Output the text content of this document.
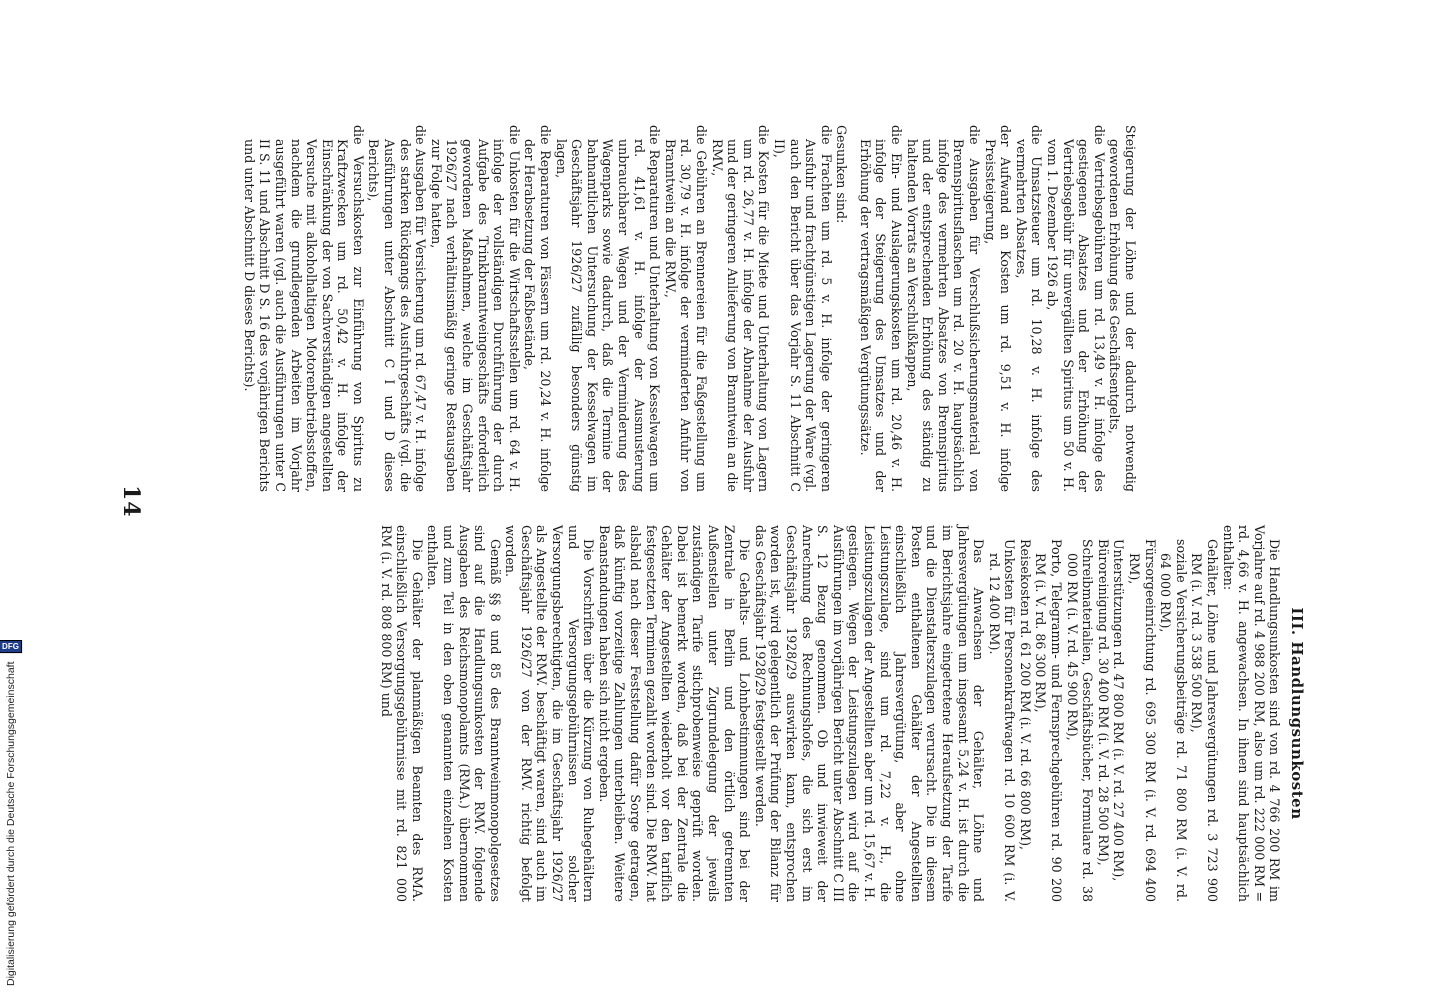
14

Steigerung der Löhne und der dadurch notwendig gewordenen Erhöhung des Geschäftsentgelts,

die Vertriebsgebühren um rd. 13,49 v. H. infolge des gestiegenen Absatzes und der Erhöhung der Vertriebsgebühr für unvergällten Spiritus um 50 v. H. vom 1. Dezember 1926 ab,

die Umsatzsteuer um rd. 10,28 v. H. infolge des vermehrten Absatzes,

der Aufwand an Kosten um rd. 9,51 v. H. infolge Preissteigerung,

die Ausgaben für Verschlußsicherungsmaterial von Brennspiritusflaschen um rd. 20 v. H. hauptsächlich infolge des vermehrten Absatzes von Brennspiritus und der entsprechenden Erhöhung des ständig zu haltenden Vorrats an Verschlußkappen,

die Ein- und Auslagerungskosten um rd. 20,46 v. H. infolge der Steigerung des Umsatzes und der Erhöhung der vertragsmäßigen Vergütungssätze.

Gesunken sind:

die Frachten um rd. 5 v. H. infolge der geringeren Ausfuhr und frachtgünstigen Lagerung der Ware (vgl. auch den Bericht über das Vorjahr S. 11 Abschnitt C II),

die Kosten für die Miete und Unterhaltung von Lagern um rd. 26,77 v. H. infolge der Abnahme der Ausfuhr und der geringeren Anlieferung von Branntwein an die RMV.,

die Gebühren an Brennereien für die Faßgestellung um rd. 30,79 v. H. infolge der verminderten Anfuhr von Branntwein an die RMV.,

die Reparaturen und Unterhaltung von Kesselwagen um rd. 41,61 v. H. infolge der Ausmusterung unbrauchbarer Wagen und der Verminderung des Wagenparks sowie dadurch, daß die Termine der bahnamtlichen Untersuchung der Kesselwagen im Geschäftsjahr 1926/27 zufällig besonders günstig lagen,

die Reparaturen von Fässern um rd. 20,24 v. H. infolge der Herabsetzung der Faßbestände,

die Unkosten für die Wirtschaftsstellen um rd. 64 v. H. infolge der vollständigen Durchführung der durch Aufgabe des Trinkbranntweingeschäfts erforderlich gewordenen Maßnahmen, welche im Geschäftsjahr 1926/27 nach verhältnismäßig geringe Restausgaben zur Folge hatten,

die Ausgaben für Versicherung um rd. 67,47 v. H. infolge des starken Rückgangs des Ausfuhrgeschäfts (vgl. die Ausführungen unter Abschnitt C I und D dieses Berichts),

die Versuchskosten zur Einführung von Spiritus zu Kraftzwecken um rd. 50,42 v. H. infolge der Einschränkung der von Sachverständigen angestellten Versuche mit alkoholhaltigen Motorenbetriebsstoffen, nachdem die grundlegenden Arbeiten im Vorjahr ausgeführt waren (vgl. auch die Ausführungen unter C II S. 11 und Abschnitt D S. 16 des vorjährigen Berichts und unter Abschnitt D dieses Berichts).

III. Handlungsunkosten

Die Handlungsunkosten sind von rd. 4 766 200 RM im Vorjahre auf rd. 4 988 200 RM, also um rd. 222 000 RM = rd. 4,66 v. H. angewachsen. In ihnen sind hauptsächlich enthalten:

Gehälter, Löhne und Jahresvergütungen rd. 3 723 900 RM (i. V. rd. 3 538 500 RM),

soziale Versicherungsbeiträge rd. 71 800 RM (i. V. rd. 64 000 RM),

Fürsorgeeinrichtung rd. 695 300 RM (i. V. rd. 694 400 RM),

Unterstützungen rd. 47 800 RM (i. V. rd. 27 400 RM),

Büroreinigung rd. 30 400 RM (i. V. rd. 28 500 RM),

Schreibmaterialien, Geschäftsbücher, Formulare rd. 38 000 RM (i. V. rd. 45 900 RM),

Porto, Telegramm- und Fernsprechgebühren rd. 90 200 RM (i. V. rd. 86 300 RM),

Reisekosten rd. 61 200 RM (i. V. rd. 66 800 RM),

Unkosten für Personenkraftwagen rd. 10 600 RM (i. V. rd. 12 400 RM).

Das Anwachsen der Gehälter, Löhne und Jahresvergütungen um insgesamt 5,24 v. H. ist durch die im Berichtsjahre eingetretene Heraufsetzung der Tarife und die Dienstalterszulagen verursacht. Die in diesem Posten enthaltenen Gehälter der Angestellten einschließlich Jahresvergütung, aber ohne Leistungszulage, sind um rd. 7,22 v. H., die Leistungszulagen der Angestellten aber um rd. 15,67 v. H. gestiegen. Wegen der Leistungszulagen wird auf die Ausführungen im vorjährigen Bericht unter Abschnitt C III S. 12 Bezug genommen. Ob und inwieweit der Anrechnung des Rechnungshofes, die sich erst im Geschäftsjahr 1928/29 auswirken kann, entsprochen worden ist, wird gelegentlich der Prüfung der Bilanz für das Geschäftsjahr 1928/29 festgestellt werden.

Die Gehalts- und Lohnbestimmungen sind bei der Zentrale in Berlin und den örtlich getrennten Außenstellen unter Zugrundelegung der jeweils zuständigen Tarife stichprobenweise geprüft worden. Dabei ist bemerkt worden, daß bei der Zentrale die Gehälter der Angestellten wiederholt vor den tariflich festgesetzten Terminen gezahlt worden sind. Die RMV. hat alsbald nach dieser Feststellung dafür Sorge getragen, daß künftig vorzeitige Zahlungen unterbleiben. Weitere Beanstandungen haben sich nicht ergeben.

Die Vorschriften über die Kürzung von Ruhegehältern und Versorgungsgebührnissen solcher Versorgungsberechtigten, die im Geschäftsjahr 1926/27 als Angestellte der RMV. beschäftigt waren, sind auch im Geschäftsjahr 1926/27 von der RMV. richtig befolgt worden.

Gemäß §§ 8 und 85 des Branntweinmonopolgesetzes sind auf die Handlungsunkosten der RMV. folgende Ausgaben des Reichsmonopolamts (RMA.) übernommen und zum Teil in den oben genannten einzelnen Kosten enthalten.

Die Gehälter der planmäßigen Beamten des RMA. einschließlich Versorgungsgebührnisse mit rd. 821 000 RM (i. V. rd. 808 800 RM) und

Digitalisierung gefördert durch die Deutsche Forschungsgemeinschaft
DFG
